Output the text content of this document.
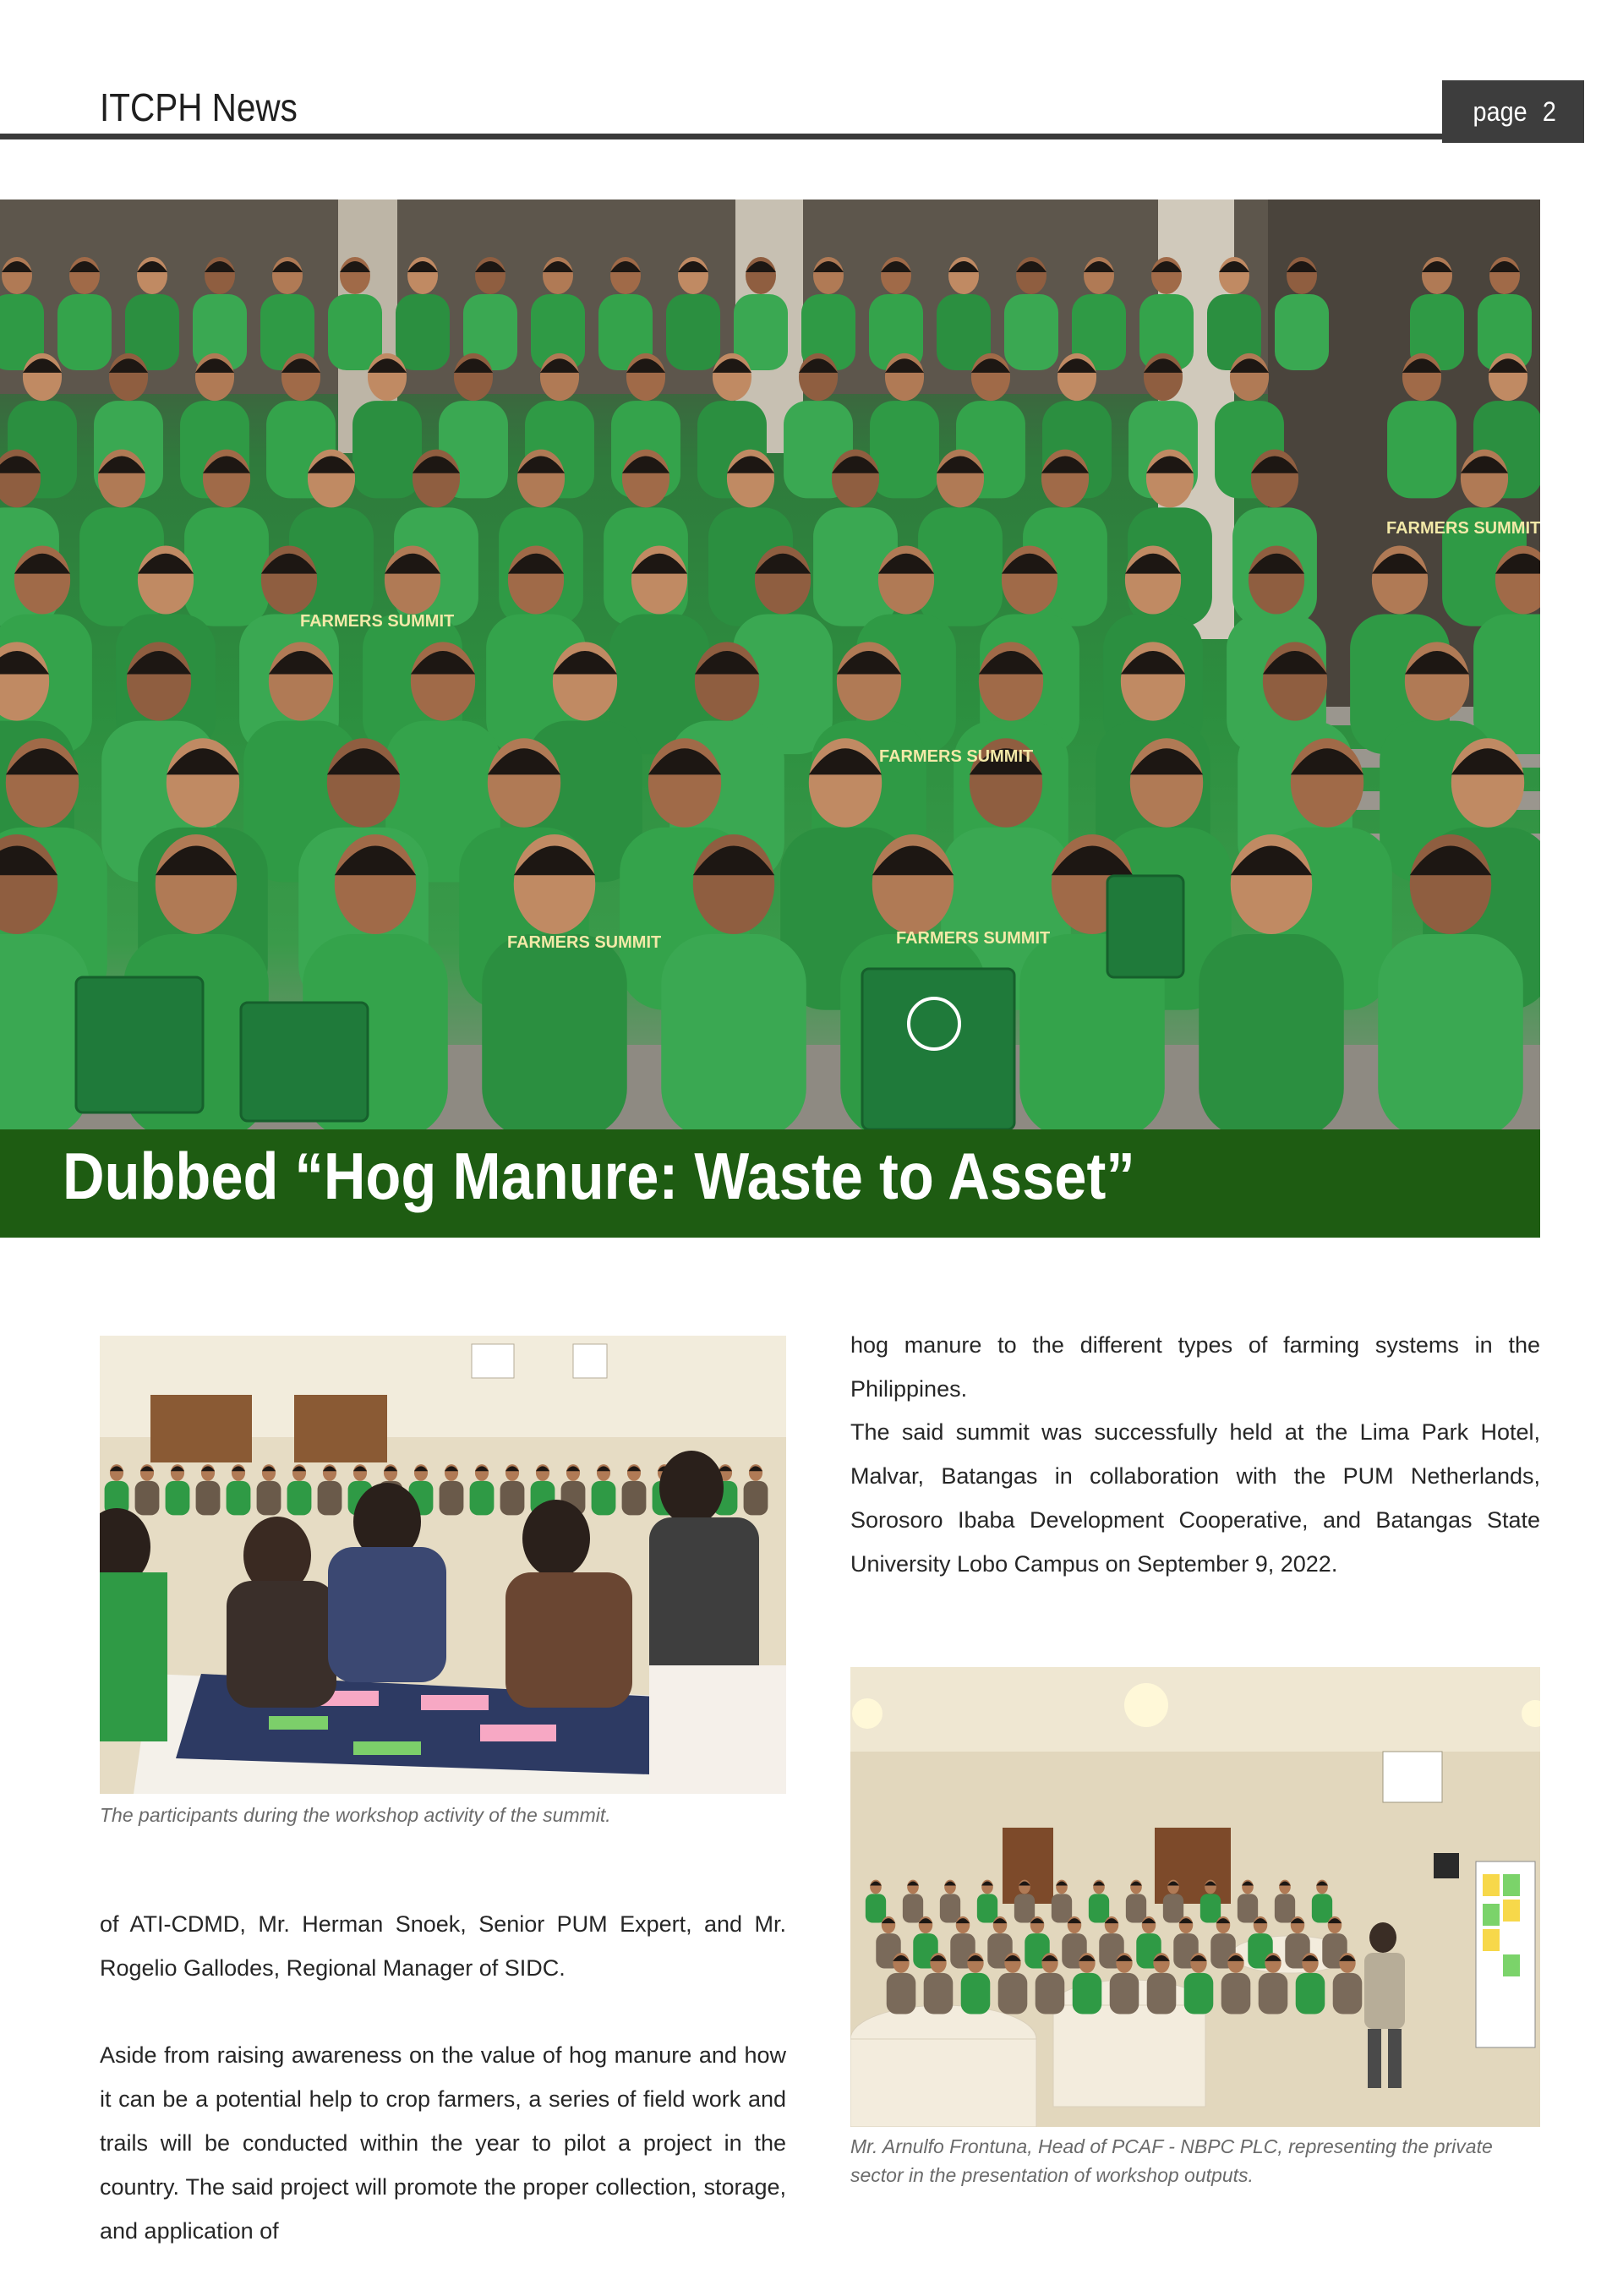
ITCPH News	page 2
FARMERS SUMMIT
FARMERS SUMMIT
FARMERS SUMMIT	FARMERS SUMMIT
FARMERS SUMMIT
Dubbed “Hog Manure: Waste to Asset”
The participants during the workshop activity of the summit.
of ATI-CDMD, Mr. Herman Snoek, Senior PUM Expert, and Mr. Rogelio Gallodes, Regional Manager of SIDC.
Aside from raising awareness on the value of hog manure and how it can be a potential help to crop farmers, a series of field work and trails will be conducted within the year to pilot a project in the country. The said project will promote the proper collection, storage, and application of
hog manure to the different types of farming systems in the Philippines.
The said summit was successfully held at the Lima Park Hotel, Malvar, Batangas in collaboration with the PUM Netherlands, Sorosoro Ibaba Development Cooperative, and Batangas State University Lobo Campus on September 9, 2022.
Mr. Arnulfo Frontuna, Head of PCAF - NBPC PLC, representing the private sector in the presentation of workshop outputs.
